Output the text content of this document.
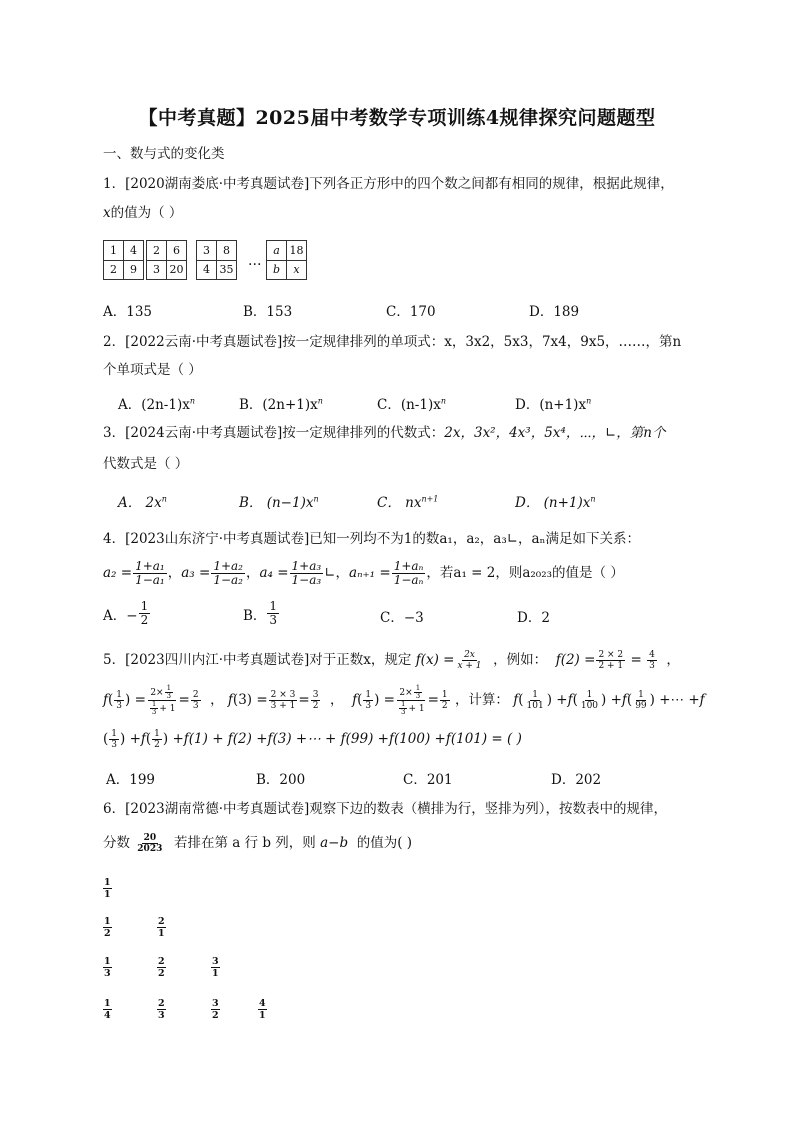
【中考真题】2025届中考数学专项训练4规律探究问题题型
一、数与式的变化类
1．[2020湖南娄底·中考真题试卷]下列各正方形中的四个数之间都有相同的规律，根据此规律，
x的值为（ ）
1	4
2	9
2	6
3	20
3	8
4	35
a	18
b	x
…
A．135	B．153	C．170	D．189
2．[2022云南·中考真题试卷]按一定规律排列的单项式：x，3x2，5x3，7x4，9x5，……，第n
个单项式是（ ）
A．$(2n-1)x^n$	B．$(2n+1)x^n$	C．$(n-1)x^n$	D．$(n+1)x^n$
3．[2024云南·中考真题试卷]按一定规律排列的代数式：2x，3x²，4x³，5x⁴，⋯，∟，第n个
代数式是（ ）
A． $2x^n$	B． $(n-1)x^n$	C． $nx^{n+1}$	D． $(n+1)x^n$
4．[2023山东济宁·中考真题试卷]已知一列均不为1的数a₁，a₂，a₃∟，aₙ满足如下关系：
$a_2 = \frac{\text{1+a₁}}{\text{1−a₁}}$ ， $a_3 = \frac{\text{1+a₂}}{\text{1−a₂}}$ ， $a_4 = \frac{\text{1+a₃}}{\text{1−a₃}}$ ∟， $a_{n+1} = \frac{\text{1+aₙ}}{\text{1−aₙ}}$ ，若a₁ = 2，则a₂₀₂₃的值是（ ）
A．− $\frac{1}{2}$	B． $\frac{1}{3}$	C．−3	D．2
5．[2023四川内江·中考真题试卷]对于正数x，规定
$f(x) = \frac{2x}{x + 1}$
，例如：
$f(2) = \frac{2 \times 2}{2 + 1} = \frac{4}{3}$ ，
f ( $\frac{1}{3}$ ) = $\frac{2\times \frac{1}{3}}{\frac{1}{3} + 1} = \frac{2}{3}$ ， f $(3) = \frac{2 \times 3}{3 + 1} = \frac{3}{2}$ ， f ( $\frac{1}{3}$ ) = $\frac{2\times \frac{1}{3}}{\frac{1}{3} + 1} = \frac{1}{2}$
，计算：
f ( $\frac{1}{101}$ ) + f ( $\frac{1}{100}$ ) + f ( $\frac{1}{99}$ ) +⋯ + f
( $\frac{1}{3}$ ) + f ( $\frac{1}{2}$ ) +f(1) + f(2) +f(3) +⋯ + f(99) +f(100) +f(101) = ( )
A．199	B．200	C．201	D．202
6．[2023湖南常德·中考真题试卷]观察下边的数表（横排为行，竖排为列），按数表中的规律，
分数
$\frac{20}{2023}$
若排在第 a 行 b 列，则
a−b
的值为( )
$\frac{1}{1}$
$\frac{1}{2}$	$\frac{2}{1}$
$\frac{1}{3}$	$\frac{2}{2}$	$\frac{3}{1}$
$\frac{1}{4}$	$\frac{2}{3}$	$\frac{3}{2}$	$\frac{4}{1}$
